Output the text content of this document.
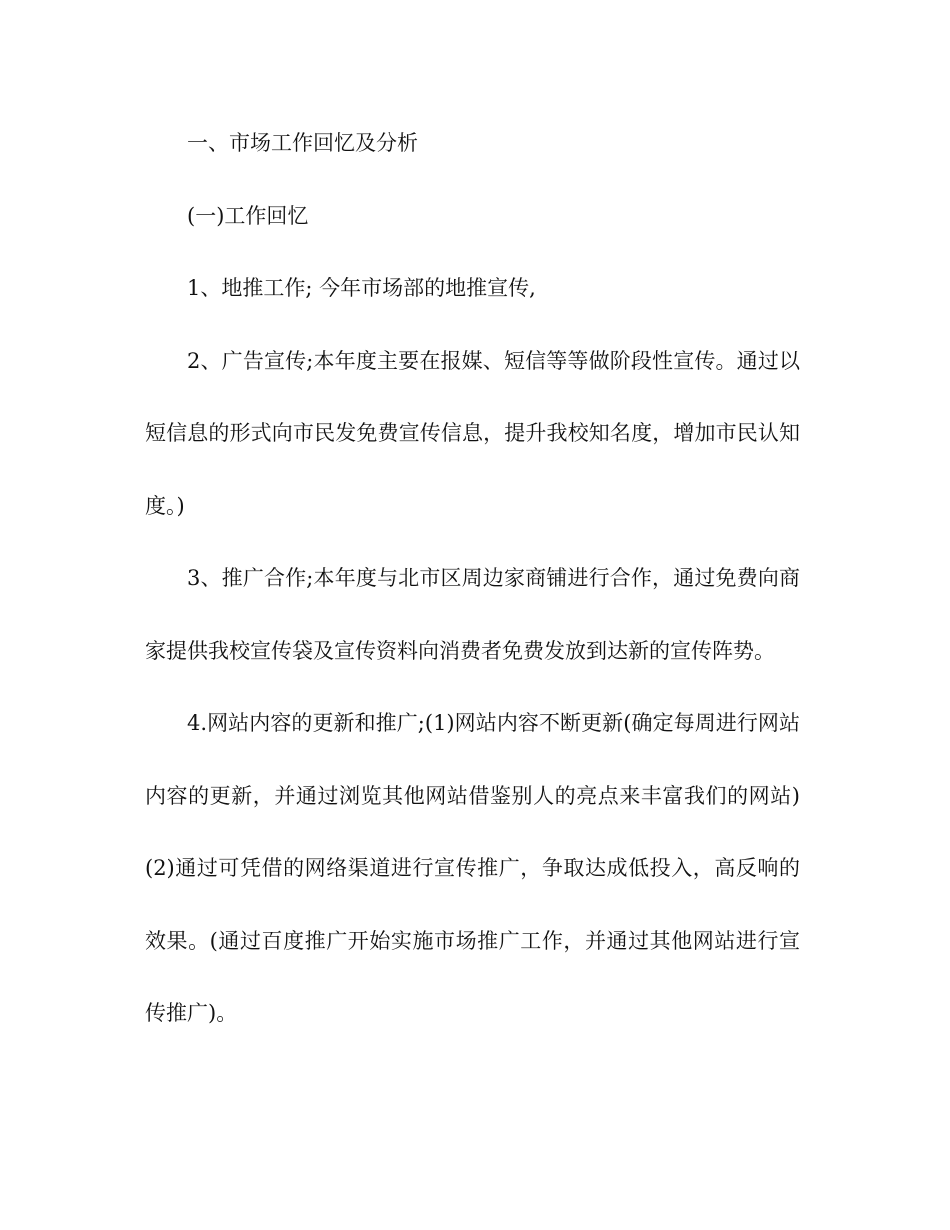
一、市场工作回忆及分析

(一)工作回忆

1、地推工作; 今年市场部的地推宣传,

2、广告宣传;本年度主要在报媒、短信等等做阶段性宣传。通过以短信息的形式向市民发免费宣传信息，提升我校知名度，增加市民认知度。)

3、推广合作;本年度与北市区周边家商铺进行合作，通过免费向商家提供我校宣传袋及宣传资料向消费者免费发放到达新的宣传阵势。

4.网站内容的更新和推广;(1)网站内容不断更新(确定每周进行网站内容的更新，并通过浏览其他网站借鉴别人的亮点来丰富我们的网站)(2)通过可凭借的网络渠道进行宣传推广，争取达成低投入，高反响的效果。(通过百度推广开始实施市场推广工作，并通过其他网站进行宣传推广)。
